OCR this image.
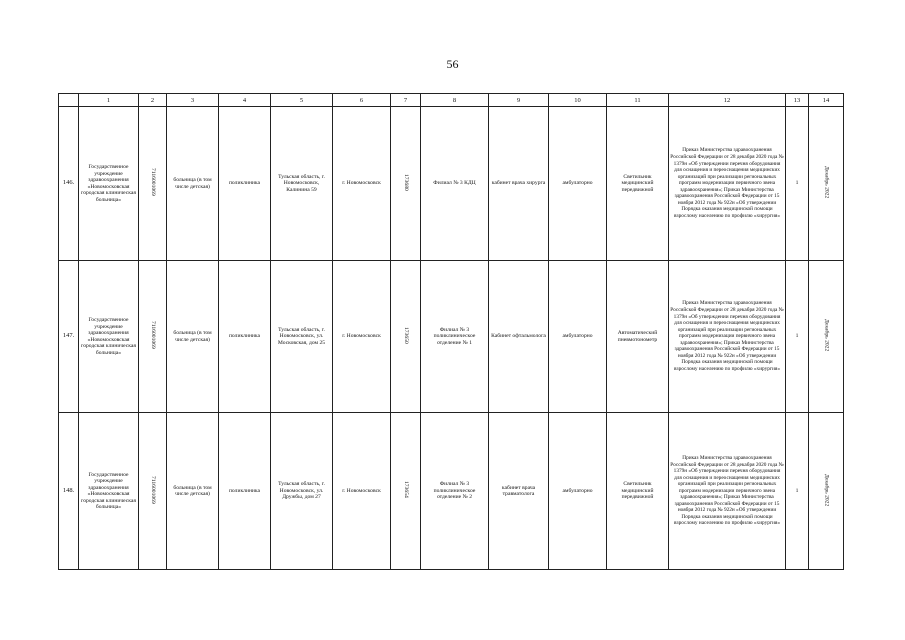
56
	1	2	3	4	5	6	7	8	9	10	11	12	13	14
146.	Государственное учреждение здравоохранения «Новомосковская городская клиническая больница»	7116001069	больница (в том числе детская)	поликлиника	Тульская область, г. Новомосковск, Калинина 59	г. Новомосковск	173680	Филиал № 3 КДЦ	кабинет врача хирурга	амбулаторно	Светильник медицинский передвижной	Приказ Министерства здравоохранения Российской Федерации от 28 декабря 2020 года № 1379н «Об утверждении перечня оборудования для оснащения и переоснащения медицинских организаций при реализации региональных программ модернизации первичного звена здравоохранения»; Приказ Министерства здравоохранения Российской Федерации от 15 ноября 2012 года № 922н «Об утверждении Порядка оказания медицинской помощи взрослому населению по профилю «хирургия»	1	Декабрь 2022
147.	Государственное учреждение здравоохранения «Новомосковская городская клиническая больница»	7116001069	больница (в том числе детская)	поликлиника	Тульская область, г. Новомосковск, ул. Московская, дом 25	г. Новомосковск	173650	Филиал № 3 поликлиническое отделение № 1	Кабинет офтальмолога	амбулаторно	Автоматический пневмотонометр	Приказ Министерства здравоохранения Российской Федерации от 28 декабря 2020 года № 1379н «Об утверждении перечня оборудования для оснащения и переоснащения медицинских организаций при реализации региональных программ модернизации первичного звена здравоохранения»; Приказ Министерства здравоохранения Российской Федерации от 15 ноября 2012 года № 922н «Об утверждении Порядка оказания медицинской помощи взрослому населению по профилю «хирургия»	1	Декабрь 2022
148.	Государственное учреждение здравоохранения «Новомосковская городская клиническая больница»	7116001069	больница (в том числе детская)	поликлиника	Тульская область, г. Новомосковск, ул. Дружбы, дом 27	г. Новомосковск	173654	Филиал № 3 поликлиническое отделение № 2	кабинет врача травматолога	амбулаторно	Светильник медицинский передвижной	Приказ Министерства здравоохранения Российской Федерации от 28 декабря 2020 года № 1379н «Об утверждении перечня оборудования для оснащения и переоснащения медицинских организаций при реализации региональных программ модернизации первичного звена здравоохранения»; Приказ Министерства здравоохранения Российской Федерации от 15 ноября 2012 года № 922н «Об утверждении Порядка оказания медицинской помощи взрослому населению по профилю «хирургия»	1	Декабрь 2022
